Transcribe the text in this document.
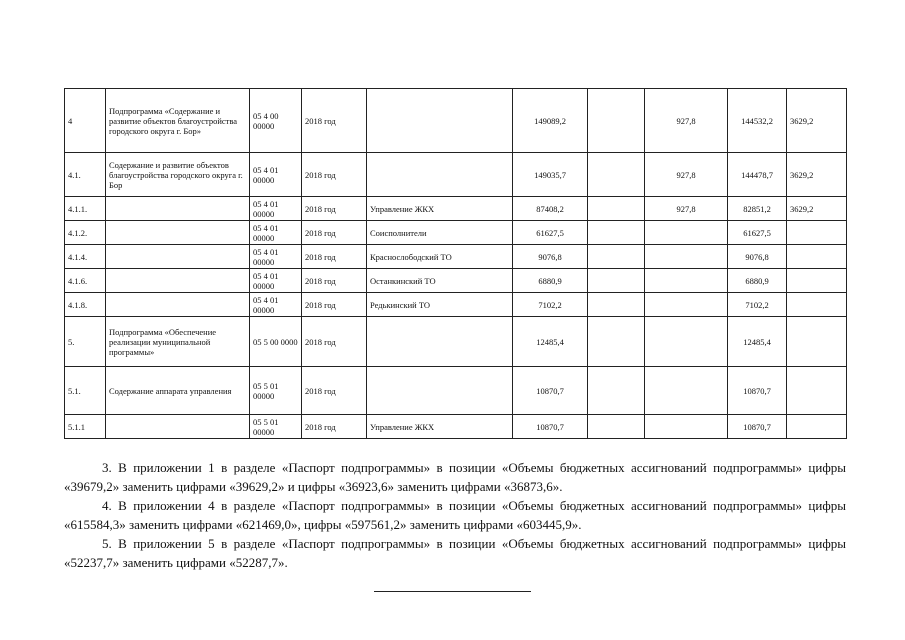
4	Подпрограмма «Содержание и развитие объектов благоустройства городского округа г. Бор»	05 4 00 00000	2018 год		149089,2		927,8	144532,2	3629,2
4.1.	Содержание и развитие объектов благоустройства городского округа г. Бор	05 4 01 00000	2018 год		149035,7		927,8	144478,7	3629,2
4.1.1.		05 4 01 00000	2018 год	Управление ЖКХ	87408,2		927,8	82851,2	3629,2
4.1.2.		05 4 01 00000	2018 год	Соисполнители	61627,5			61627,5	
4.1.4.		05 4 01 00000	2018 год	Краснослободский ТО	9076,8			9076,8	
4.1.6.		05 4 01 00000	2018 год	Останкинский ТО	6880,9			6880,9	
4.1.8.		05 4 01 00000	2018 год	Редькинский ТО	7102,2			7102,2	
5.	Подпрограмма «Обеспечение реализации муниципальной программы»	05 5 00 0000	2018 год		12485,4			12485,4	
5.1.	Содержание аппарата управления	05 5 01 00000	2018 год		10870,7			10870,7	
5.1.1		05 5 01 00000	2018 год	Управление ЖКХ	10870,7			10870,7	

3. В приложении 1 в разделе «Паспорт подпрограммы» в позиции «Объемы бюджетных ассигнований подпрограммы» цифры «39679,2» заменить цифрами «39629,2» и цифры «36923,6» заменить цифрами «36873,6».

4. В приложении 4 в разделе «Паспорт подпрограммы» в позиции «Объемы бюджетных ассигнований подпрограммы» цифры «615584,3» заменить цифрами «621469,0», цифры «597561,2» заменить цифрами «603445,9».

5. В приложении 5 в разделе «Паспорт подпрограммы» в позиции «Объемы бюджетных ассигнований подпрограммы» цифры «52237,7» заменить цифрами «52287,7».
